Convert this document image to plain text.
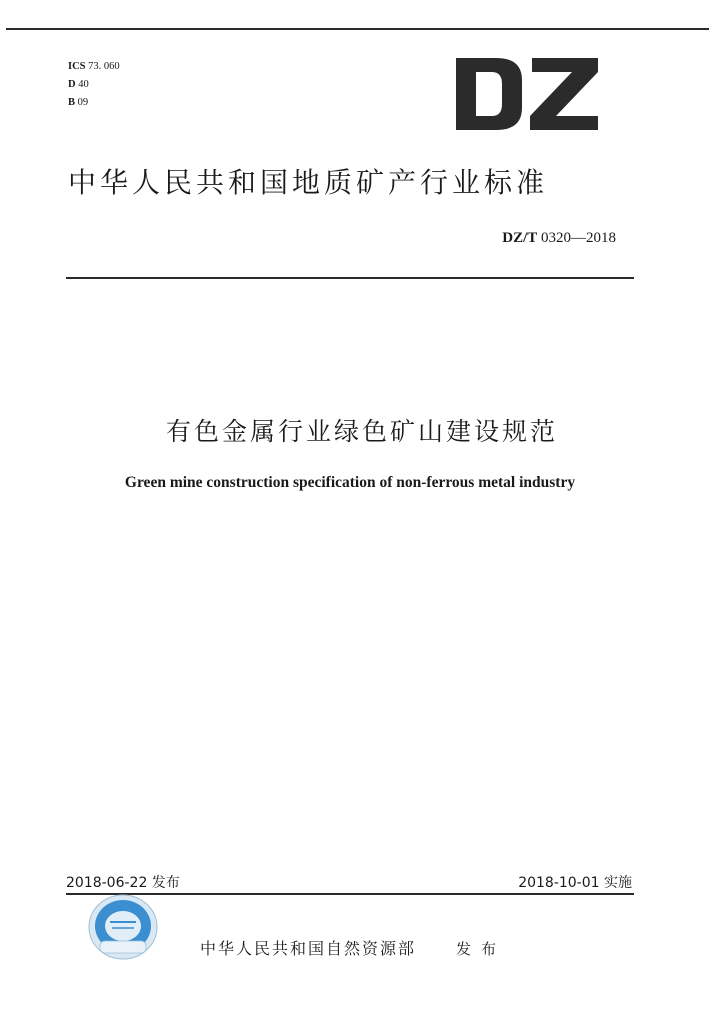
ICS 73. 060
D 40
B 09
中华人民共和国地质矿产行业标准
DZ/T 0320—2018
有色金属行业绿色矿山建设规范
Green mine construction specification of non-ferrous metal industry
2018-06-22 发布	2018-10-01 实施
中华人民共和国自然资源部	发布
